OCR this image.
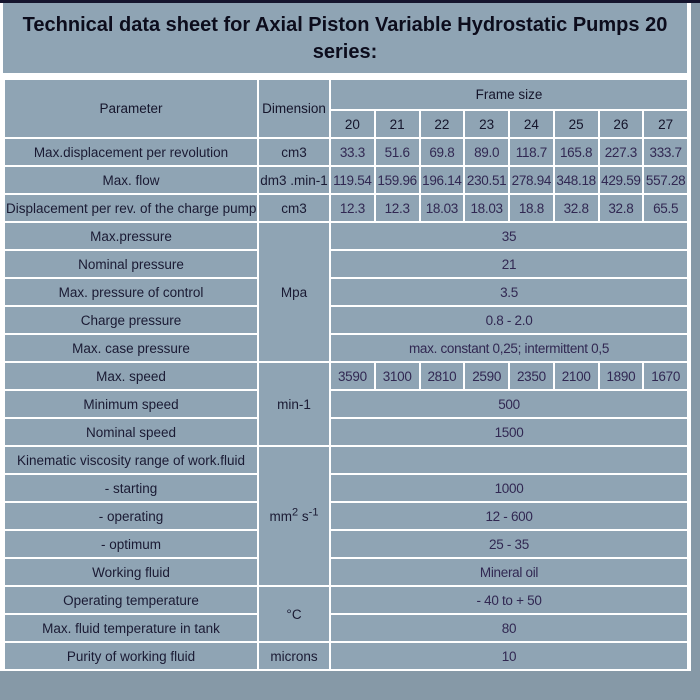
Technical data sheet for Axial Piston Variable Hydrostatic Pumps 20
series:
Parameter	Dimension	Frame size							
		20	21	22	23	24	25	26	27
Max.displacement per revolution	cm3	33.3	51.6	69.8	89.0	118.7	165.8	227.3	333.7
Max. flow	dm3 .min-1	119.54	159.96	196.14	230.51	278.94	348.18	429.59	557.28
Displacement per rev. of the charge pump	cm3	12.3	12.3	18.03	18.03	18.8	32.8	32.8	65.5
Max.pressure	Mpa	35							
Nominal pressure		21							
Max. pressure of control		3.5							
Charge pressure		0.8 - 2.0							
Max. case pressure		max. constant 0,25; intermittent 0,5							
Max. speed	min-1	3590	3100	2810	2590	2350	2100	1890	1670
Minimum speed		500							
Nominal speed		1500							
Kinematic viscosity range of work.fluid	$mm^2$ $s^{-1}$	
- starting		1000							
- operating		12 - 600							
- optimum		25 - 35							
Working fluid		Mineral oil							
Operating temperature	°C	- 40 to + 50							
Max. fluid temperature in tank		80							
Purity of working fluid	microns	10							
